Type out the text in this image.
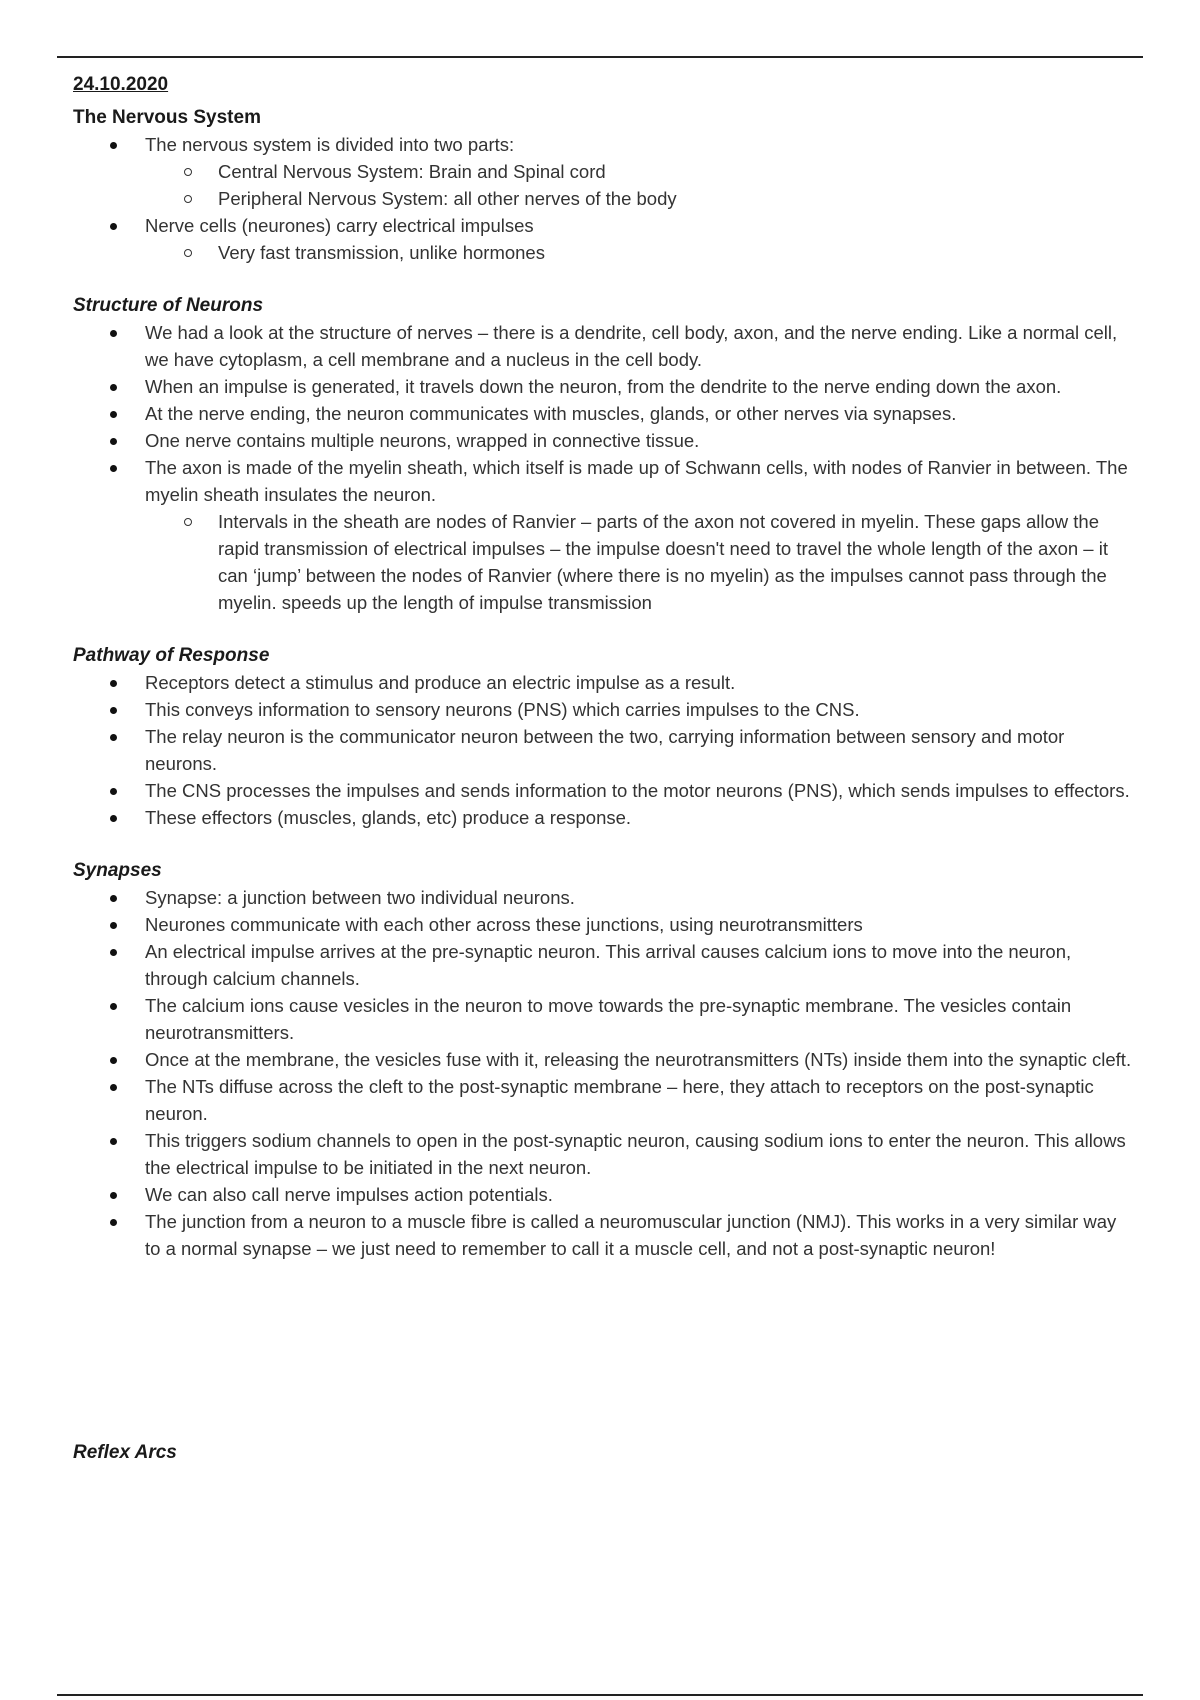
24.10.2020

The Nervous System

The nervous system is divided into two parts:
Central Nervous System: Brain and Spinal cord
Peripheral Nervous System: all other nerves of the body
Nerve cells (neurones) carry electrical impulses
Very fast transmission, unlike hormones

Structure of Neurons

We had a look at the structure of nerves – there is a dendrite, cell body, axon, and the nerve ending. Like a normal cell, we have cytoplasm, a cell membrane and a nucleus in the cell body.
When an impulse is generated, it travels down the neuron, from the dendrite to the nerve ending down the axon.
At the nerve ending, the neuron communicates with muscles, glands, or other nerves via synapses.
One nerve contains multiple neurons, wrapped in connective tissue.
The axon is made of the myelin sheath, which itself is made up of Schwann cells, with nodes of Ranvier in between. The myelin sheath insulates the neuron.
Intervals in the sheath are nodes of Ranvier – parts of the axon not covered in myelin. These gaps allow the rapid transmission of electrical impulses – the impulse doesn't need to travel the whole length of the axon – it can ‘jump’ between the nodes of Ranvier (where there is no myelin) as the impulses cannot pass through the myelin. speeds up the length of impulse transmission

Pathway of Response

Receptors detect a stimulus and produce an electric impulse as a result.
This conveys information to sensory neurons (PNS) which carries impulses to the CNS.
The relay neuron is the communicator neuron between the two, carrying information between sensory and motor neurons.
The CNS processes the impulses and sends information to the motor neurons (PNS), which sends impulses to effectors.
These effectors (muscles, glands, etc) produce a response.

Synapses

Synapse: a junction between two individual neurons.
Neurones communicate with each other across these junctions, using neurotransmitters
An electrical impulse arrives at the pre-synaptic neuron. This arrival causes calcium ions to move into the neuron, through calcium channels.
The calcium ions cause vesicles in the neuron to move towards the pre-synaptic membrane. The vesicles contain neurotransmitters.
Once at the membrane, the vesicles fuse with it, releasing the neurotransmitters (NTs) inside them into the synaptic cleft.
The NTs diffuse across the cleft to the post-synaptic membrane – here, they attach to receptors on the post-synaptic neuron.
This triggers sodium channels to open in the post-synaptic neuron, causing sodium ions to enter the neuron. This allows the electrical impulse to be initiated in the next neuron.
We can also call nerve impulses action potentials.
The junction from a neuron to a muscle fibre is called a neuromuscular junction (NMJ). This works in a very similar way to a normal synapse – we just need to remember to call it a muscle cell, and not a post-synaptic neuron!

Reflex Arcs
